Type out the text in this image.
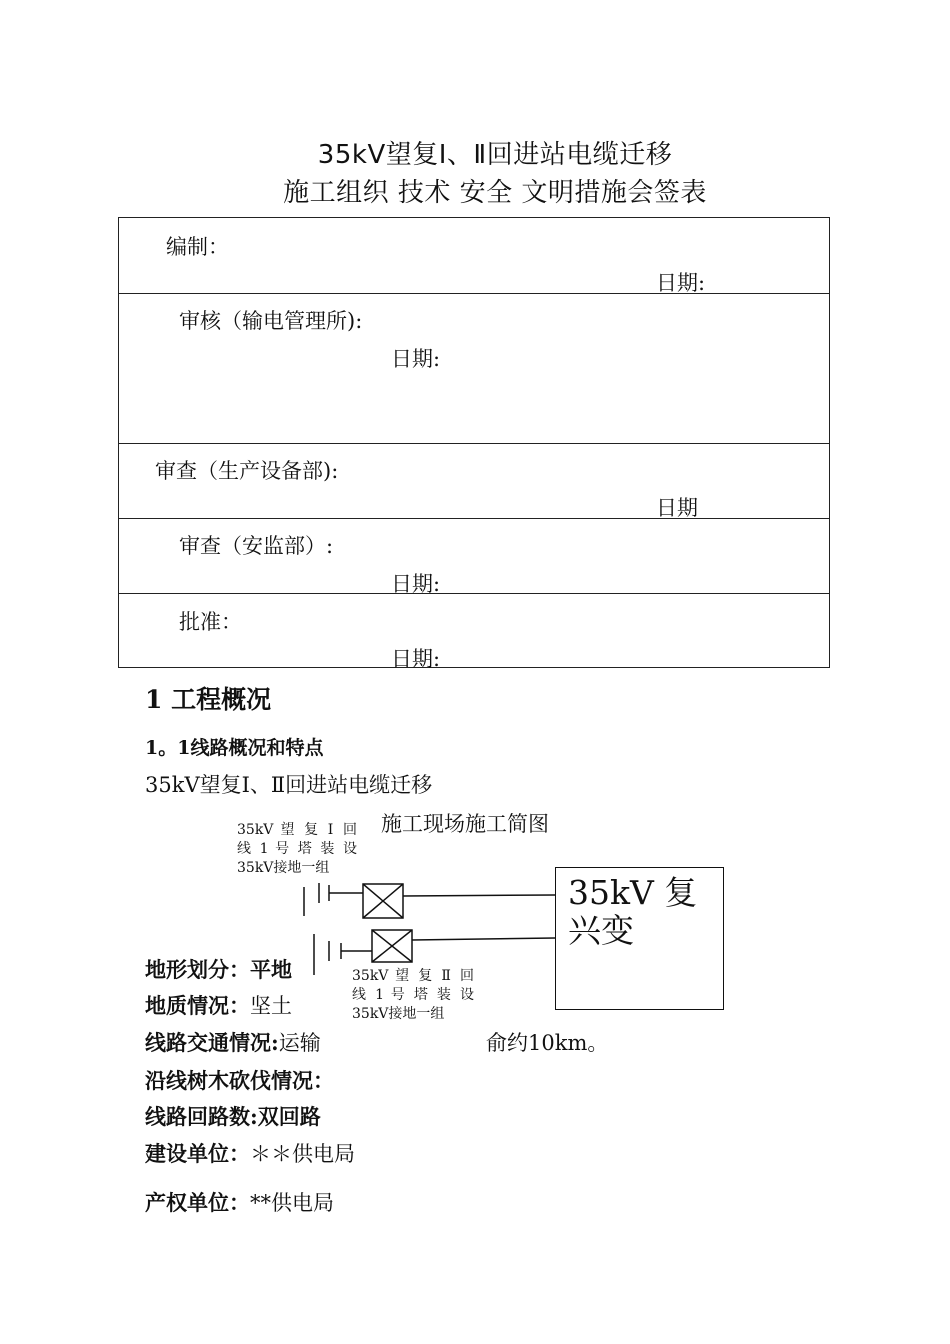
35kV望复Ⅰ、Ⅱ回进站电缆迁移
施工组织 技术 安全 文明措施会签表
编制：
日期:
审核（输电管理所):
日期:
审查（生产设备部):
日期
审查（安监部）:
日期:
批准：
日期:
1 工程概况
1。1线路概况和特点
35kV望复Ⅰ、Ⅱ回进站电缆迁移
施工现场施工简图
35kV 望 复 Ⅰ 回
线 1 号 塔 装 设
35kV接地一组
35kV 复兴变
35kV 望 复 Ⅱ 回
线 1 号 塔 装 设
35kV接地一组
地形划分：平地
地质情况：坚土
线路交通情况:运输	俞约10km。
沿线树木砍伐情况：
线路回路数:双回路
建设单位：＊＊供电局
产权单位：**供电局
